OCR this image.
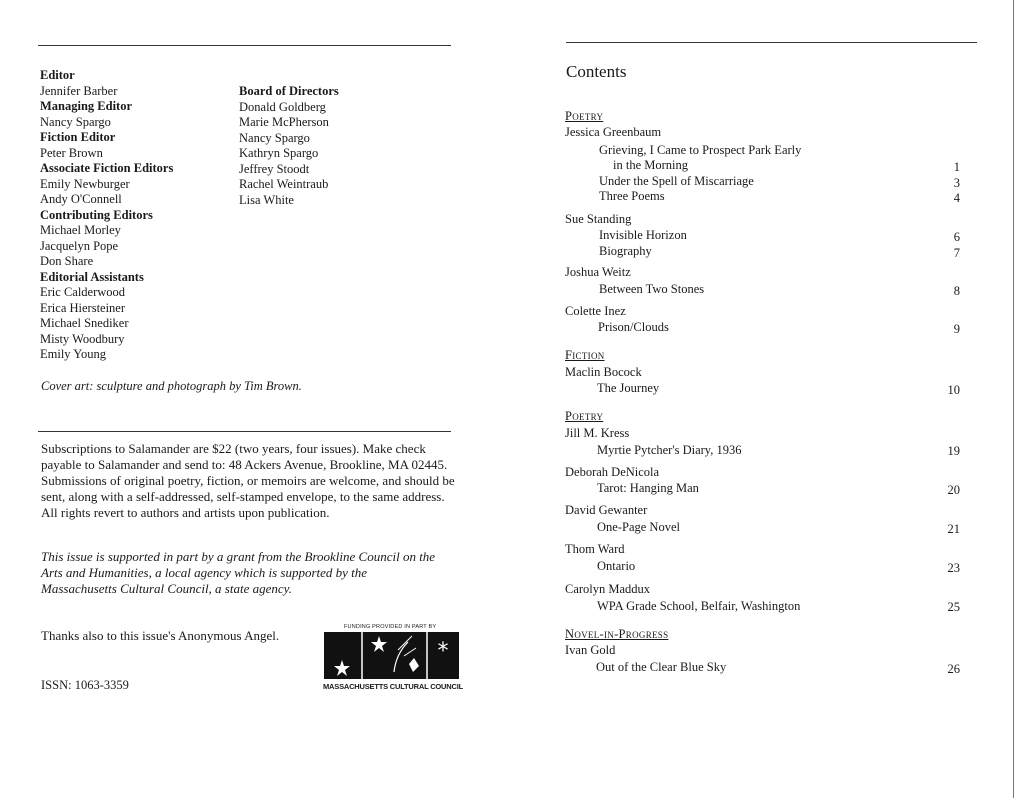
Editor
Jennifer Barber
Managing Editor
Nancy Spargo
Fiction Editor
Peter Brown
Associate Fiction Editors
Emily Newburger
Andy O'Connell
Contributing Editors
Michael Morley
Jacquelyn Pope
Don Share
Editorial Assistants
Eric Calderwood
Erica Hiersteiner
Michael Snediker
Misty Woodbury
Emily Young
Board of Directors
Donald Goldberg
Marie McPherson
Nancy Spargo
Kathryn Spargo
Jeffrey Stoodt
Rachel Weintraub
Lisa White
Cover art: sculpture and photograph by Tim Brown.
Subscriptions to Salamander are $22 (two years, four issues). Make check payable to Salamander and send to: 48 Ackers Avenue, Brookline, MA 02445. Submissions of original poetry, fiction, or memoirs are welcome, and should be sent, along with a self-addressed, self-stamped envelope, to the same address. All rights revert to authors and artists upon publication.
This issue is supported in part by a grant from the Brookline Council on the Arts and Humanities, a local agency which is supported by the Massachusetts Cultural Council, a state agency.
Thanks also to this issue's Anonymous Angel.
ISSN: 1063-3359
FUNDING PROVIDED IN PART BY
*
MASSACHUSETTS CULTURAL COUNCIL
Contents
Poetry
Fiction
Poetry
Novel-in-Progress
Jessica Greenbaum
Sue Standing
Joshua Weitz
Colette Inez
Maclin Bocock
Jill M. Kress
Deborah DeNicola
David Gewanter
Thom Ward
Carolyn Maddux
Ivan Gold
Grieving, I Came to Prospect Park Early
in the Morning
Under the Spell of Miscarriage
Three Poems
Invisible Horizon
Biography
Between Two Stones
Prison/Clouds
The Journey
Myrtie Pytcher's Diary, 1936
Tarot: Hanging Man
One-Page Novel
Ontario
WPA Grade School, Belfair, Washington
Out of the Clear Blue Sky
1
3
4
6
7
8
9
10
19
20
21
23
25
26
